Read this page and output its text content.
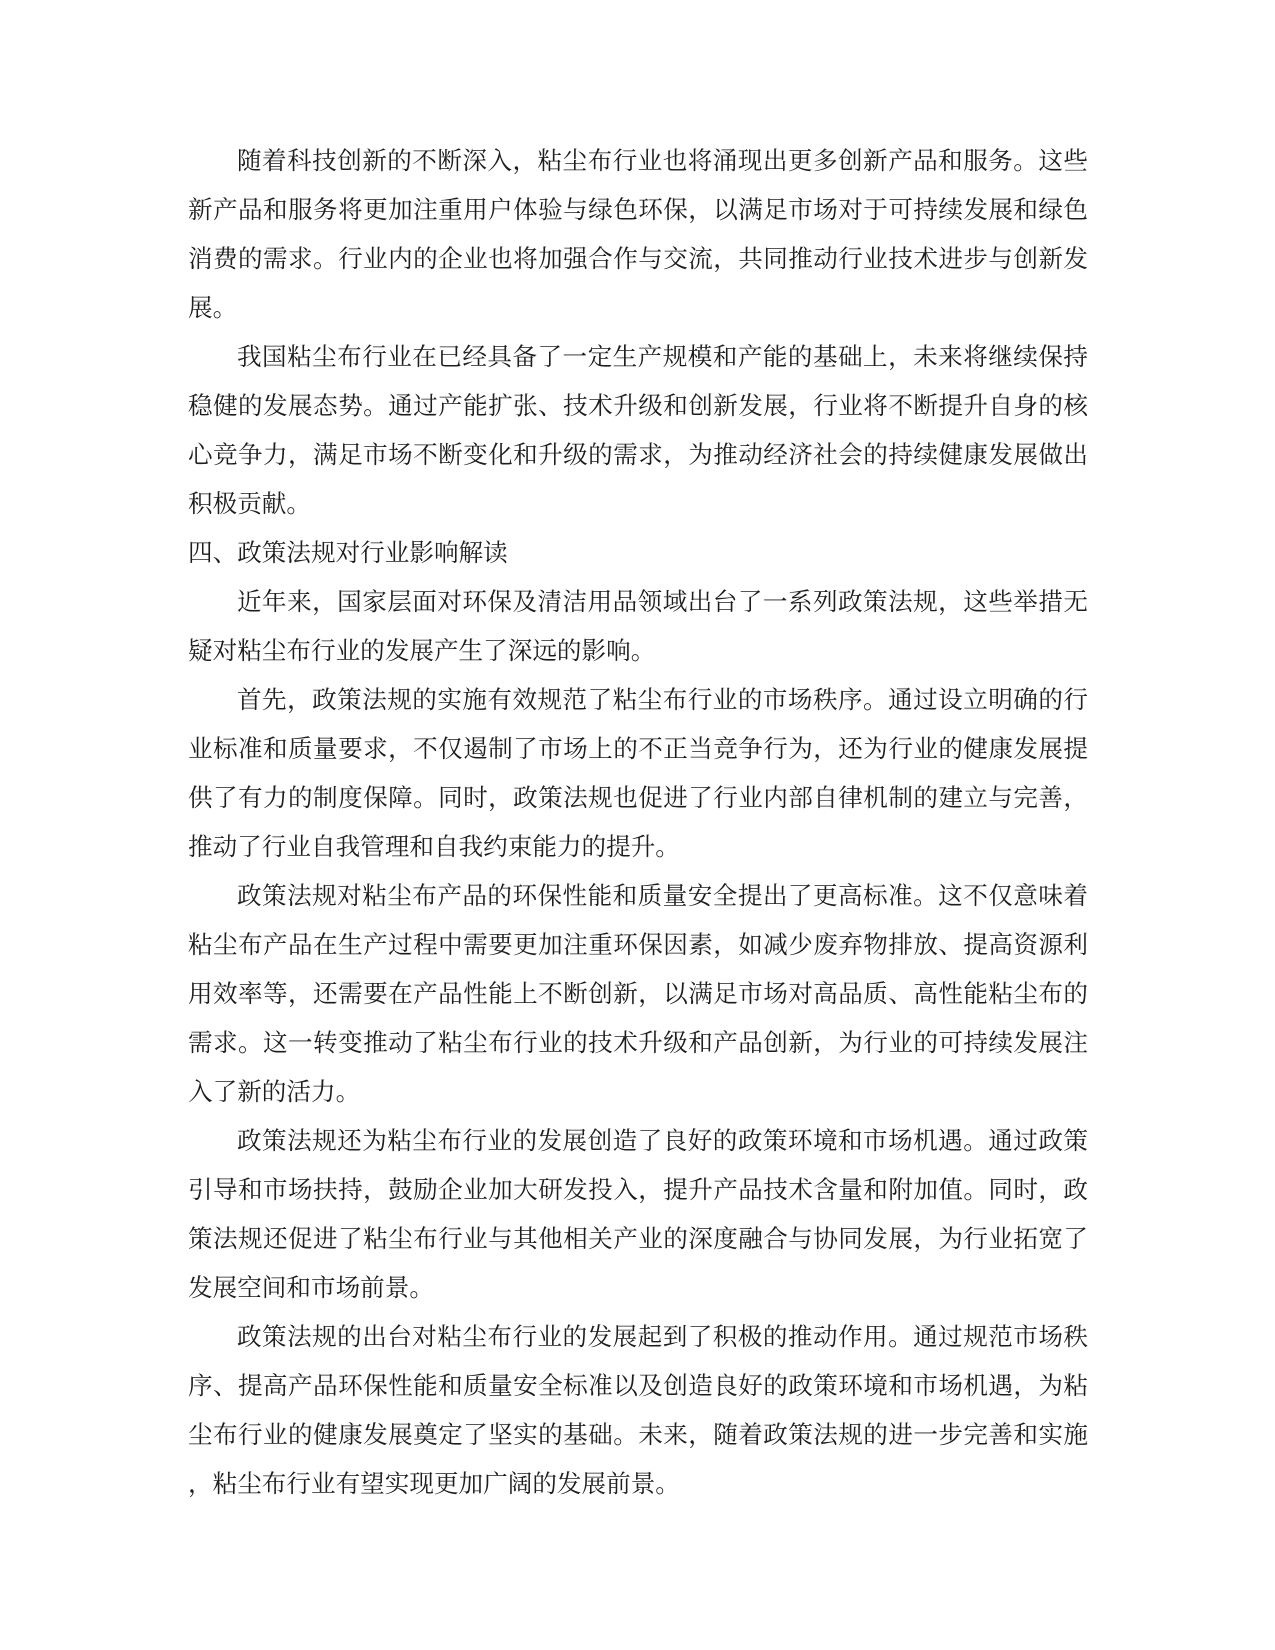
随着科技创新的不断深入，粘尘布行业也将涌现出更多创新产品和服务。这些
新产品和服务将更加注重用户体验与绿色环保，以满足市场对于可持续发展和绿色
消费的需求。行业内的企业也将加强合作与交流，共同推动行业技术进步与创新发
展。
我国粘尘布行业在已经具备了一定生产规模和产能的基础上，未来将继续保持
稳健的发展态势。通过产能扩张、技术升级和创新发展，行业将不断提升自身的核
心竞争力，满足市场不断变化和升级的需求，为推动经济社会的持续健康发展做出
积极贡献。
四、政策法规对行业影响解读
近年来，国家层面对环保及清洁用品领域出台了一系列政策法规，这些举措无
疑对粘尘布行业的发展产生了深远的影响。
首先，政策法规的实施有效规范了粘尘布行业的市场秩序。通过设立明确的行
业标准和质量要求，不仅遏制了市场上的不正当竞争行为，还为行业的健康发展提
供了有力的制度保障。同时，政策法规也促进了行业内部自律机制的建立与完善，
推动了行业自我管理和自我约束能力的提升。
政策法规对粘尘布产品的环保性能和质量安全提出了更高标准。这不仅意味着
粘尘布产品在生产过程中需要更加注重环保因素，如减少废弃物排放、提高资源利
用效率等，还需要在产品性能上不断创新，以满足市场对高品质、高性能粘尘布的
需求。这一转变推动了粘尘布行业的技术升级和产品创新，为行业的可持续发展注
入了新的活力。
政策法规还为粘尘布行业的发展创造了良好的政策环境和市场机遇。通过政策
引导和市场扶持，鼓励企业加大研发投入，提升产品技术含量和附加值。同时，政
策法规还促进了粘尘布行业与其他相关产业的深度融合与协同发展，为行业拓宽了
发展空间和市场前景。
政策法规的出台对粘尘布行业的发展起到了积极的推动作用。通过规范市场秩
序、提高产品环保性能和质量安全标准以及创造良好的政策环境和市场机遇，为粘
尘布行业的健康发展奠定了坚实的基础。未来，随着政策法规的进一步完善和实施
，粘尘布行业有望实现更加广阔的发展前景。
